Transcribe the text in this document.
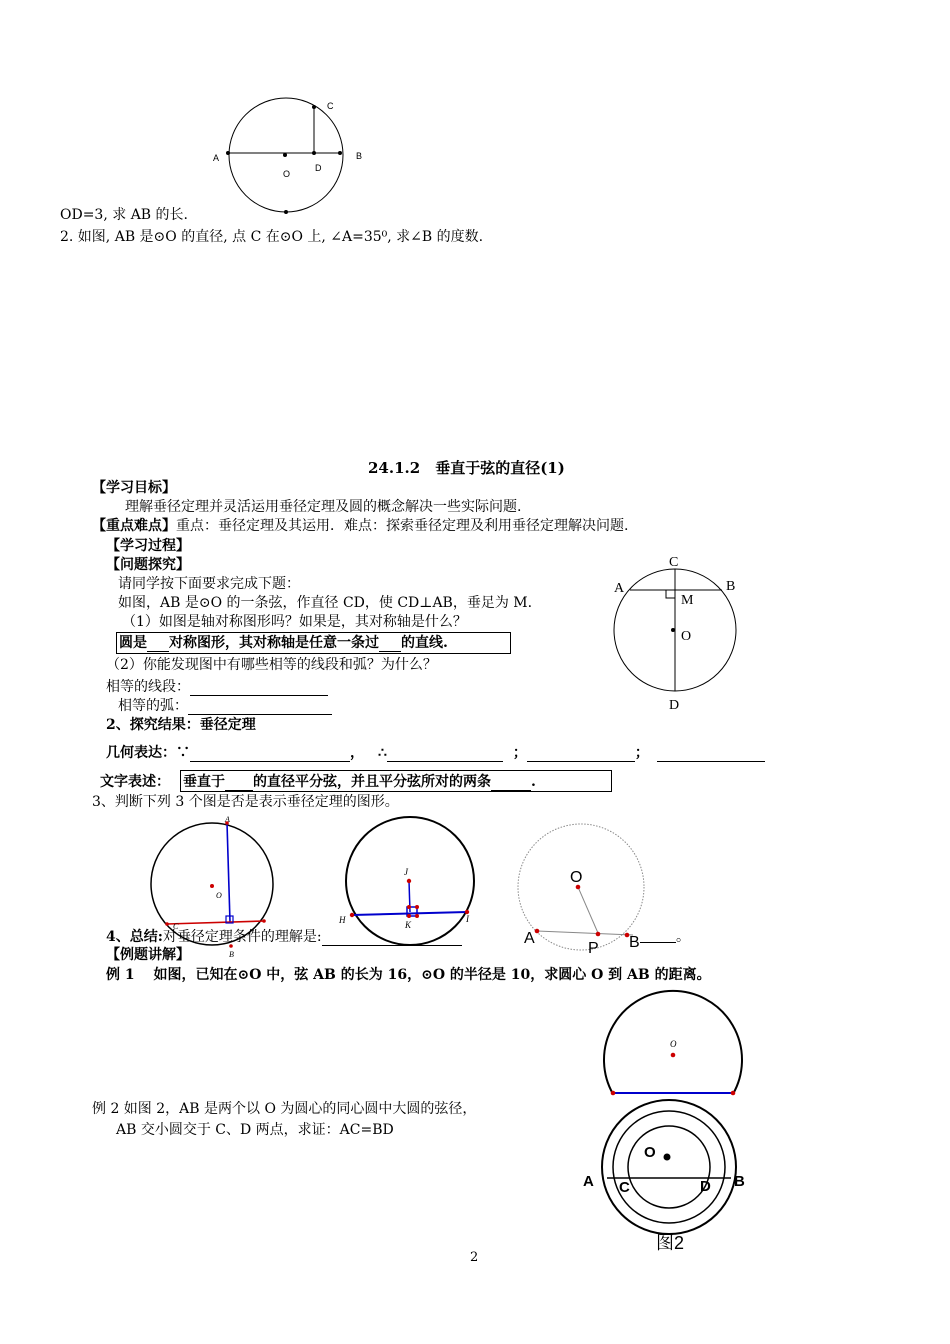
C
A	B
D
O
OD=3, 求 AB 的长.
2. 如图, AB 是⊙O 的直径, 点 C 在⊙O 上, ∠A=35⁰, 求∠B 的度数.
24.1.2　垂直于弦的直径(1)
【学习目标】
理解垂径定理并灵活运用垂径定理及圆的概念解决一些实际问题.
【重点难点】重点：垂径定理及其运用．难点：探索垂径定理及利用垂径定理解决问题.
【学习过程】
【问题探究】
请同学按下面要求完成下题：
如图，AB 是⊙O 的一条弦，作直径 CD，使 CD⊥AB，垂足为 M.
（1）如图是轴对称图形吗？如果是，其对称轴是什么？
圆是 对称图形，其对称轴是任意一条过 的直线.
（2）你能发现图中有哪些相等的线段和弧？为什么？
相等的线段：
相等的弧：
2、探究结果：垂径定理
几何表达：∵	， ∴	；	；
文字表述： 垂直于 的直径平分弦，并且平分弦所对的两条	.
3、判断下列 3 个图是否是表示垂径定理的图形。
C
A	B
M
O
D
A
O
B
C
J
H	K
I
O
A
P B
4、总结:对垂径定理条件的理解是:	。
【例题讲解】
例 1　 如图，已知在⊙O 中，弦 AB 的长为 16，⊙O 的半径是 10，求圆心 O 到 AB 的距离。
O
例 2 如图 2，AB 是两个以 O 为圆心的同心圆中大圆的弦径，
AB 交小圆交于 C、D 两点，求证：AC=BD
O
A C	D B
图2
2
